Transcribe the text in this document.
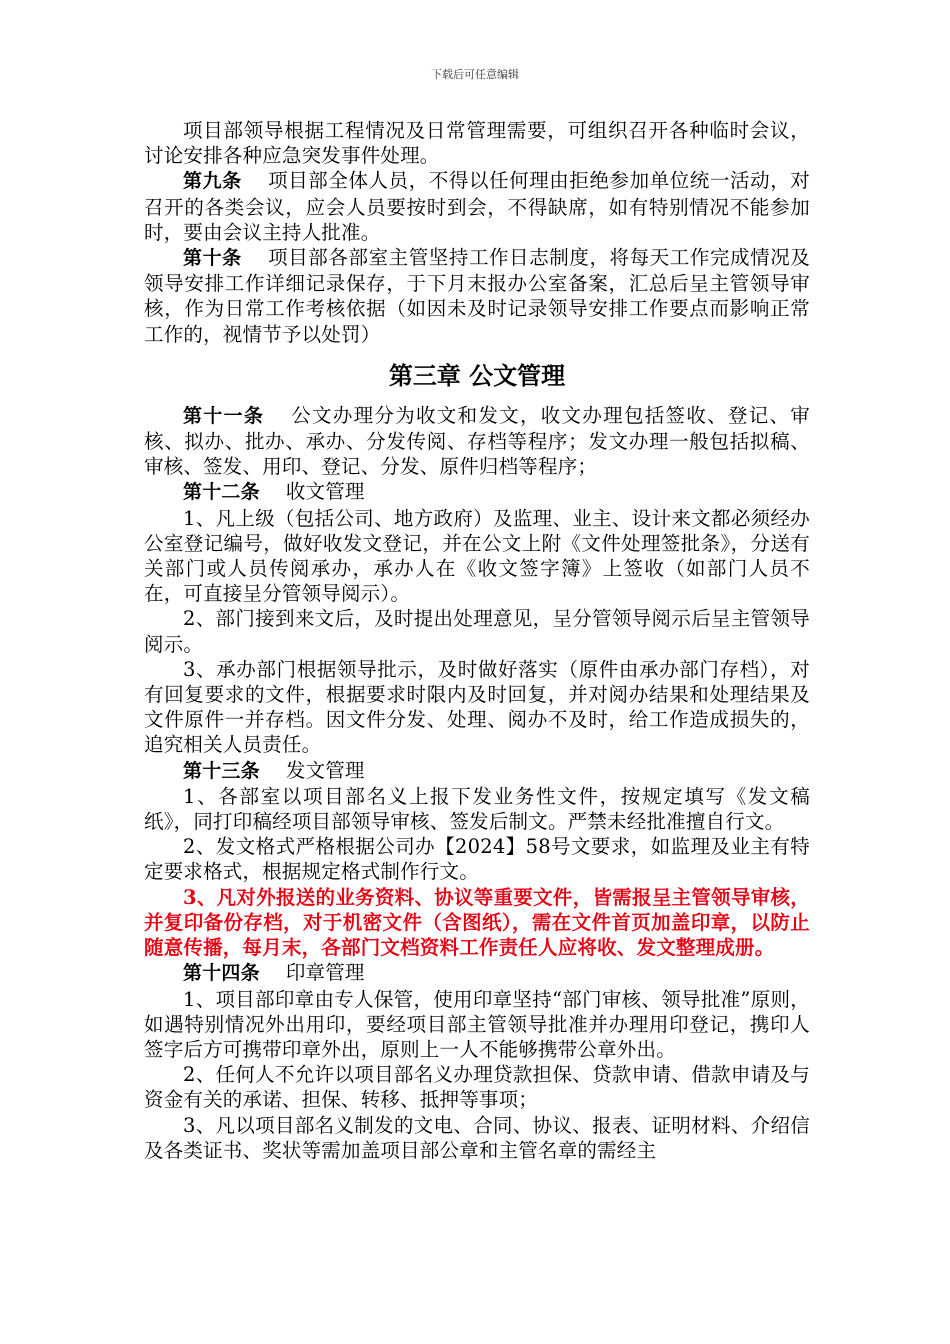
下载后可任意编辑

项目部领导根据工程情况及日常管理需要，可组织召开各种临时会议，讨论安排各种应急突发事件处理。

第九条 项目部全体人员，不得以任何理由拒绝参加单位统一活动，对召开的各类会议，应会人员要按时到会，不得缺席，如有特别情况不能参加时，要由会议主持人批准。

第十条 项目部各部室主管坚持工作日志制度，将每天工作完成情况及领导安排工作详细记录保存，于下月末报办公室备案，汇总后呈主管领导审核，作为日常工作考核依据（如因未及时记录领导安排工作要点而影响正常工作的，视情节予以处罚）

第三章 公文管理

第十一条 公文办理分为收文和发文，收文办理包括签收、登记、审核、拟办、批办、承办、分发传阅、存档等程序；发文办理一般包括拟稿、审核、签发、用印、登记、分发、原件归档等程序；

第十二条 收文管理

1、凡上级（包括公司、地方政府）及监理、业主、设计来文都必须经办公室登记编号，做好收发文登记，并在公文上附《文件处理签批条》，分送有关部门或人员传阅承办，承办人在《收文签字簿》上签收（如部门人员不在，可直接呈分管领导阅示）。

2、部门接到来文后，及时提出处理意见，呈分管领导阅示后呈主管领导阅示。

3、承办部门根据领导批示，及时做好落实（原件由承办部门存档），对有回复要求的文件，根据要求时限内及时回复，并对阅办结果和处理结果及文件原件一并存档。因文件分发、处理、阅办不及时，给工作造成损失的，追究相关人员责任。

第十三条 发文管理

1、各部室以项目部名义上报下发业务性文件，按规定填写《发文稿纸》，同打印稿经项目部领导审核、签发后制文。严禁未经批准擅自行文。

2、发文格式严格根据公司办【2024】58号文要求，如监理及业主有特定要求格式，根据规定格式制作行文。

3、凡对外报送的业务资料、协议等重要文件，皆需报呈主管领导审核，并复印备份存档，对于机密文件（含图纸），需在文件首页加盖印章，以防止随意传播，每月末，各部门文档资料工作责任人应将收、发文整理成册。

第十四条 印章管理

1、项目部印章由专人保管，使用印章坚持“部门审核、领导批准”原则，如遇特别情况外出用印，要经项目部主管领导批准并办理用印登记，携印人签字后方可携带印章外出，原则上一人不能够携带公章外出。

2、任何人不允许以项目部名义办理贷款担保、贷款申请、借款申请及与资金有关的承诺、担保、转移、抵押等事项；

3、凡以项目部名义制发的文电、合同、协议、报表、证明材料、介绍信及各类证书、奖状等需加盖项目部公章和主管名章的需经主
